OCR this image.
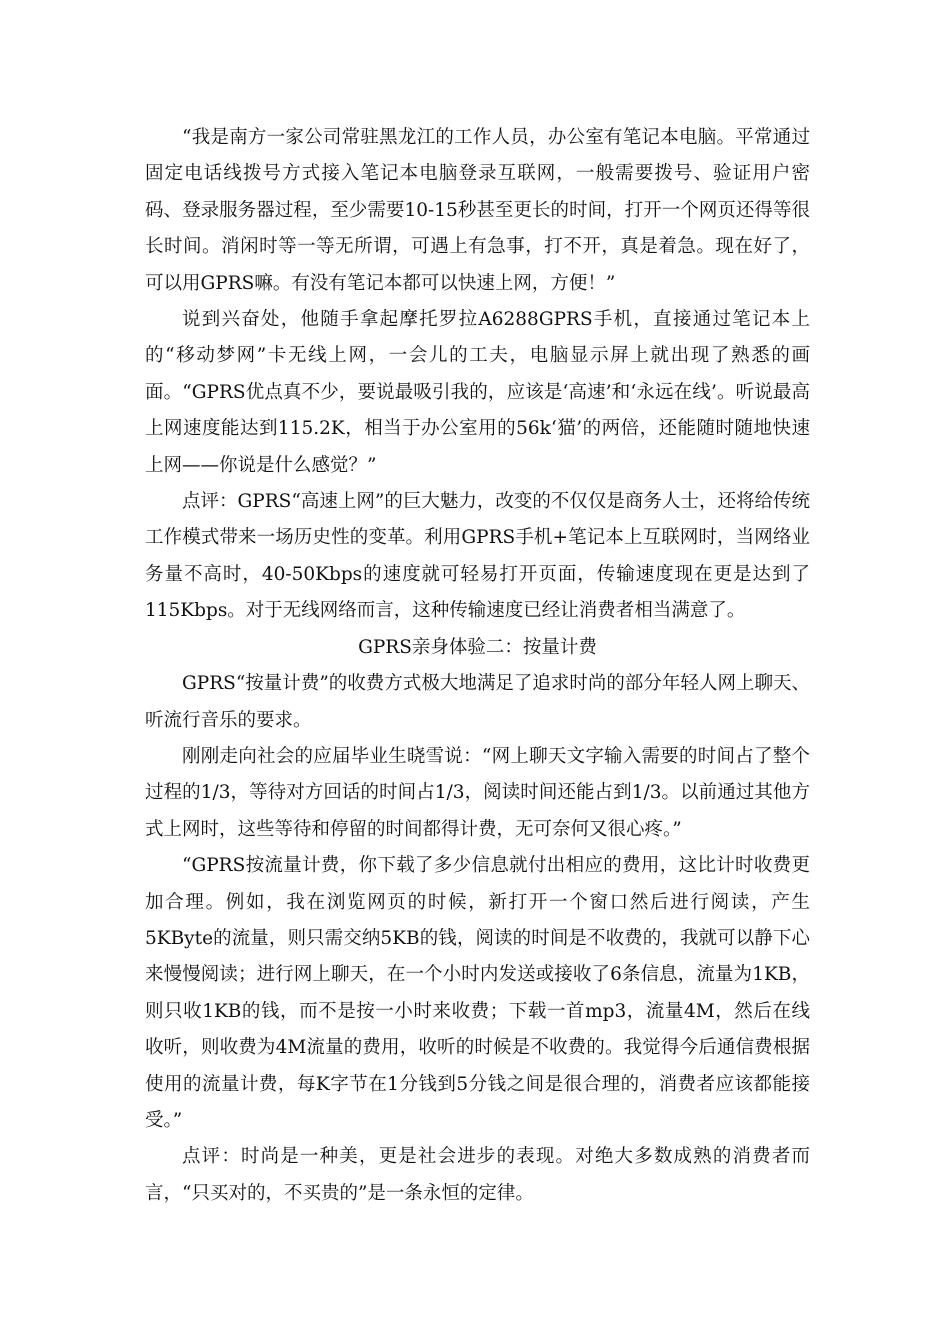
“我是南方一家公司常驻黑龙江的工作人员，办公室有笔记本电脑。平常通过固定电话线拨号方式接入笔记本电脑登录互联网，一般需要拨号、验证用户密码、登录服务器过程，至少需要10-15秒甚至更长的时间，打开一个网页还得等很长时间。消闲时等一等无所谓，可遇上有急事，打不开，真是着急。现在好了，可以用GPRS嘛。有没有笔记本都可以快速上网，方便！”

说到兴奋处，他随手拿起摩托罗拉A6288GPRS手机，直接通过笔记本上的“移动梦网”卡无线上网，一会儿的工夫，电脑显示屏上就出现了熟悉的画面。“GPRS优点真不少，要说最吸引我的，应该是‘高速’和‘永远在线’。听说最高上网速度能达到115.2K，相当于办公室用的56k‘猫’的两倍，还能随时随地快速上网——你说是什么感觉？”

点评：GPRS“高速上网”的巨大魅力，改变的不仅仅是商务人士，还将给传统工作模式带来一场历史性的变革。利用GPRS手机+笔记本上互联网时，当网络业务量不高时，40-50Kbps的速度就可轻易打开页面，传输速度现在更是达到了115Kbps。对于无线网络而言，这种传输速度已经让消费者相当满意了。

GPRS亲身体验二：按量计费

GPRS“按量计费”的收费方式极大地满足了追求时尚的部分年轻人网上聊天、听流行音乐的要求。

刚刚走向社会的应届毕业生晓雪说：“网上聊天文字输入需要的时间占了整个过程的1/3，等待对方回话的时间占1/3，阅读时间还能占到1/3。以前通过其他方式上网时，这些等待和停留的时间都得计费，无可奈何又很心疼。”

“GPRS按流量计费，你下载了多少信息就付出相应的费用，这比计时收费更加合理。例如，我在浏览网页的时候，新打开一个窗口然后进行阅读，产生5KByte的流量，则只需交纳5KB的钱，阅读的时间是不收费的，我就可以静下心来慢慢阅读；进行网上聊天，在一个小时内发送或接收了6条信息，流量为1KB，则只收1KB的钱，而不是按一小时来收费；下载一首mp3，流量4M，然后在线收听，则收费为4M流量的费用，收听的时候是不收费的。我觉得今后通信费根据使用的流量计费，每K字节在1分钱到5分钱之间是很合理的，消费者应该都能接受。”

点评：时尚是一种美，更是社会进步的表现。对绝大多数成熟的消费者而言，“只买对的，不买贵的”是一条永恒的定律。
